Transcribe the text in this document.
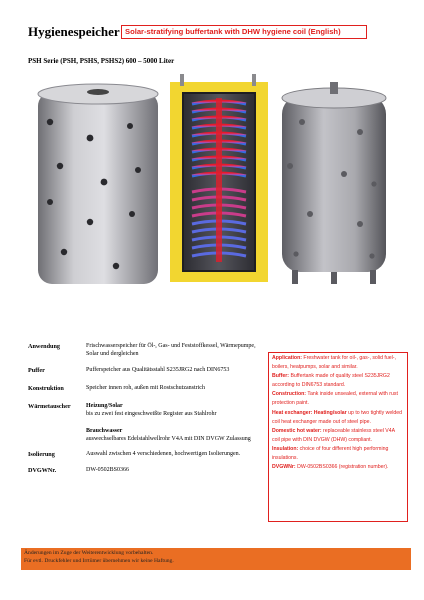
Hygienespeicher Solar-stratifying buffertank with DHW hygiene coil (English)
PSH Serie (PSH, PSHS, PSHS2) 600 – 5000 Liter
Anwendung	Frischwasserspeicher für Öl-, Gas- und Feststoffkessel, Wärmepumpe, Solar und dergleichen
Puffer	Pufferspeicher aus Qualitätsstahl S235JRG2 nach DIN6753
Konstruktion	Speicher innen roh, außen mit Rostschutzanstrich
Wärmetauscher	Heizung/Solar
bis zu zwei fest eingeschweißte Register aus Stahlrohr
Brauchwasser
auswechselbares Edelstahlwellrohr V4A mit DIN DVGW Zulassung
Isolierung	Auswahl zwischen 4 verschiedenen, hochwertigen Isolierungen.
DVGWNr.	DW-0502BS0366
Application: Freshwater tank for oil-, gas-, solid fuel-, boilers, heatpumps, solar and similar.
Buffer: Buffertank made of quality steel S235JRG2 according to DIN6753 standard.
Construction: Tank inside unsealed, external with rust protection paint.
Heat exchanger: Heating/solar up to two tightly welded coil heat exchanger made out of steel pipe.
Domestic hot water: replaceable stainless steel V4A coil pipe with DIN DVGW (DHW) compliant.
Insulation: choice of four different high performing insulations.
DVGWNr: DW-0502BS0366 (registration number).
Änderungen im Zuge der Weiterentwicklung vorbehalten.
Für evtl. Druckfehler und Irrtümer übernehmen wir keine Haftung.
